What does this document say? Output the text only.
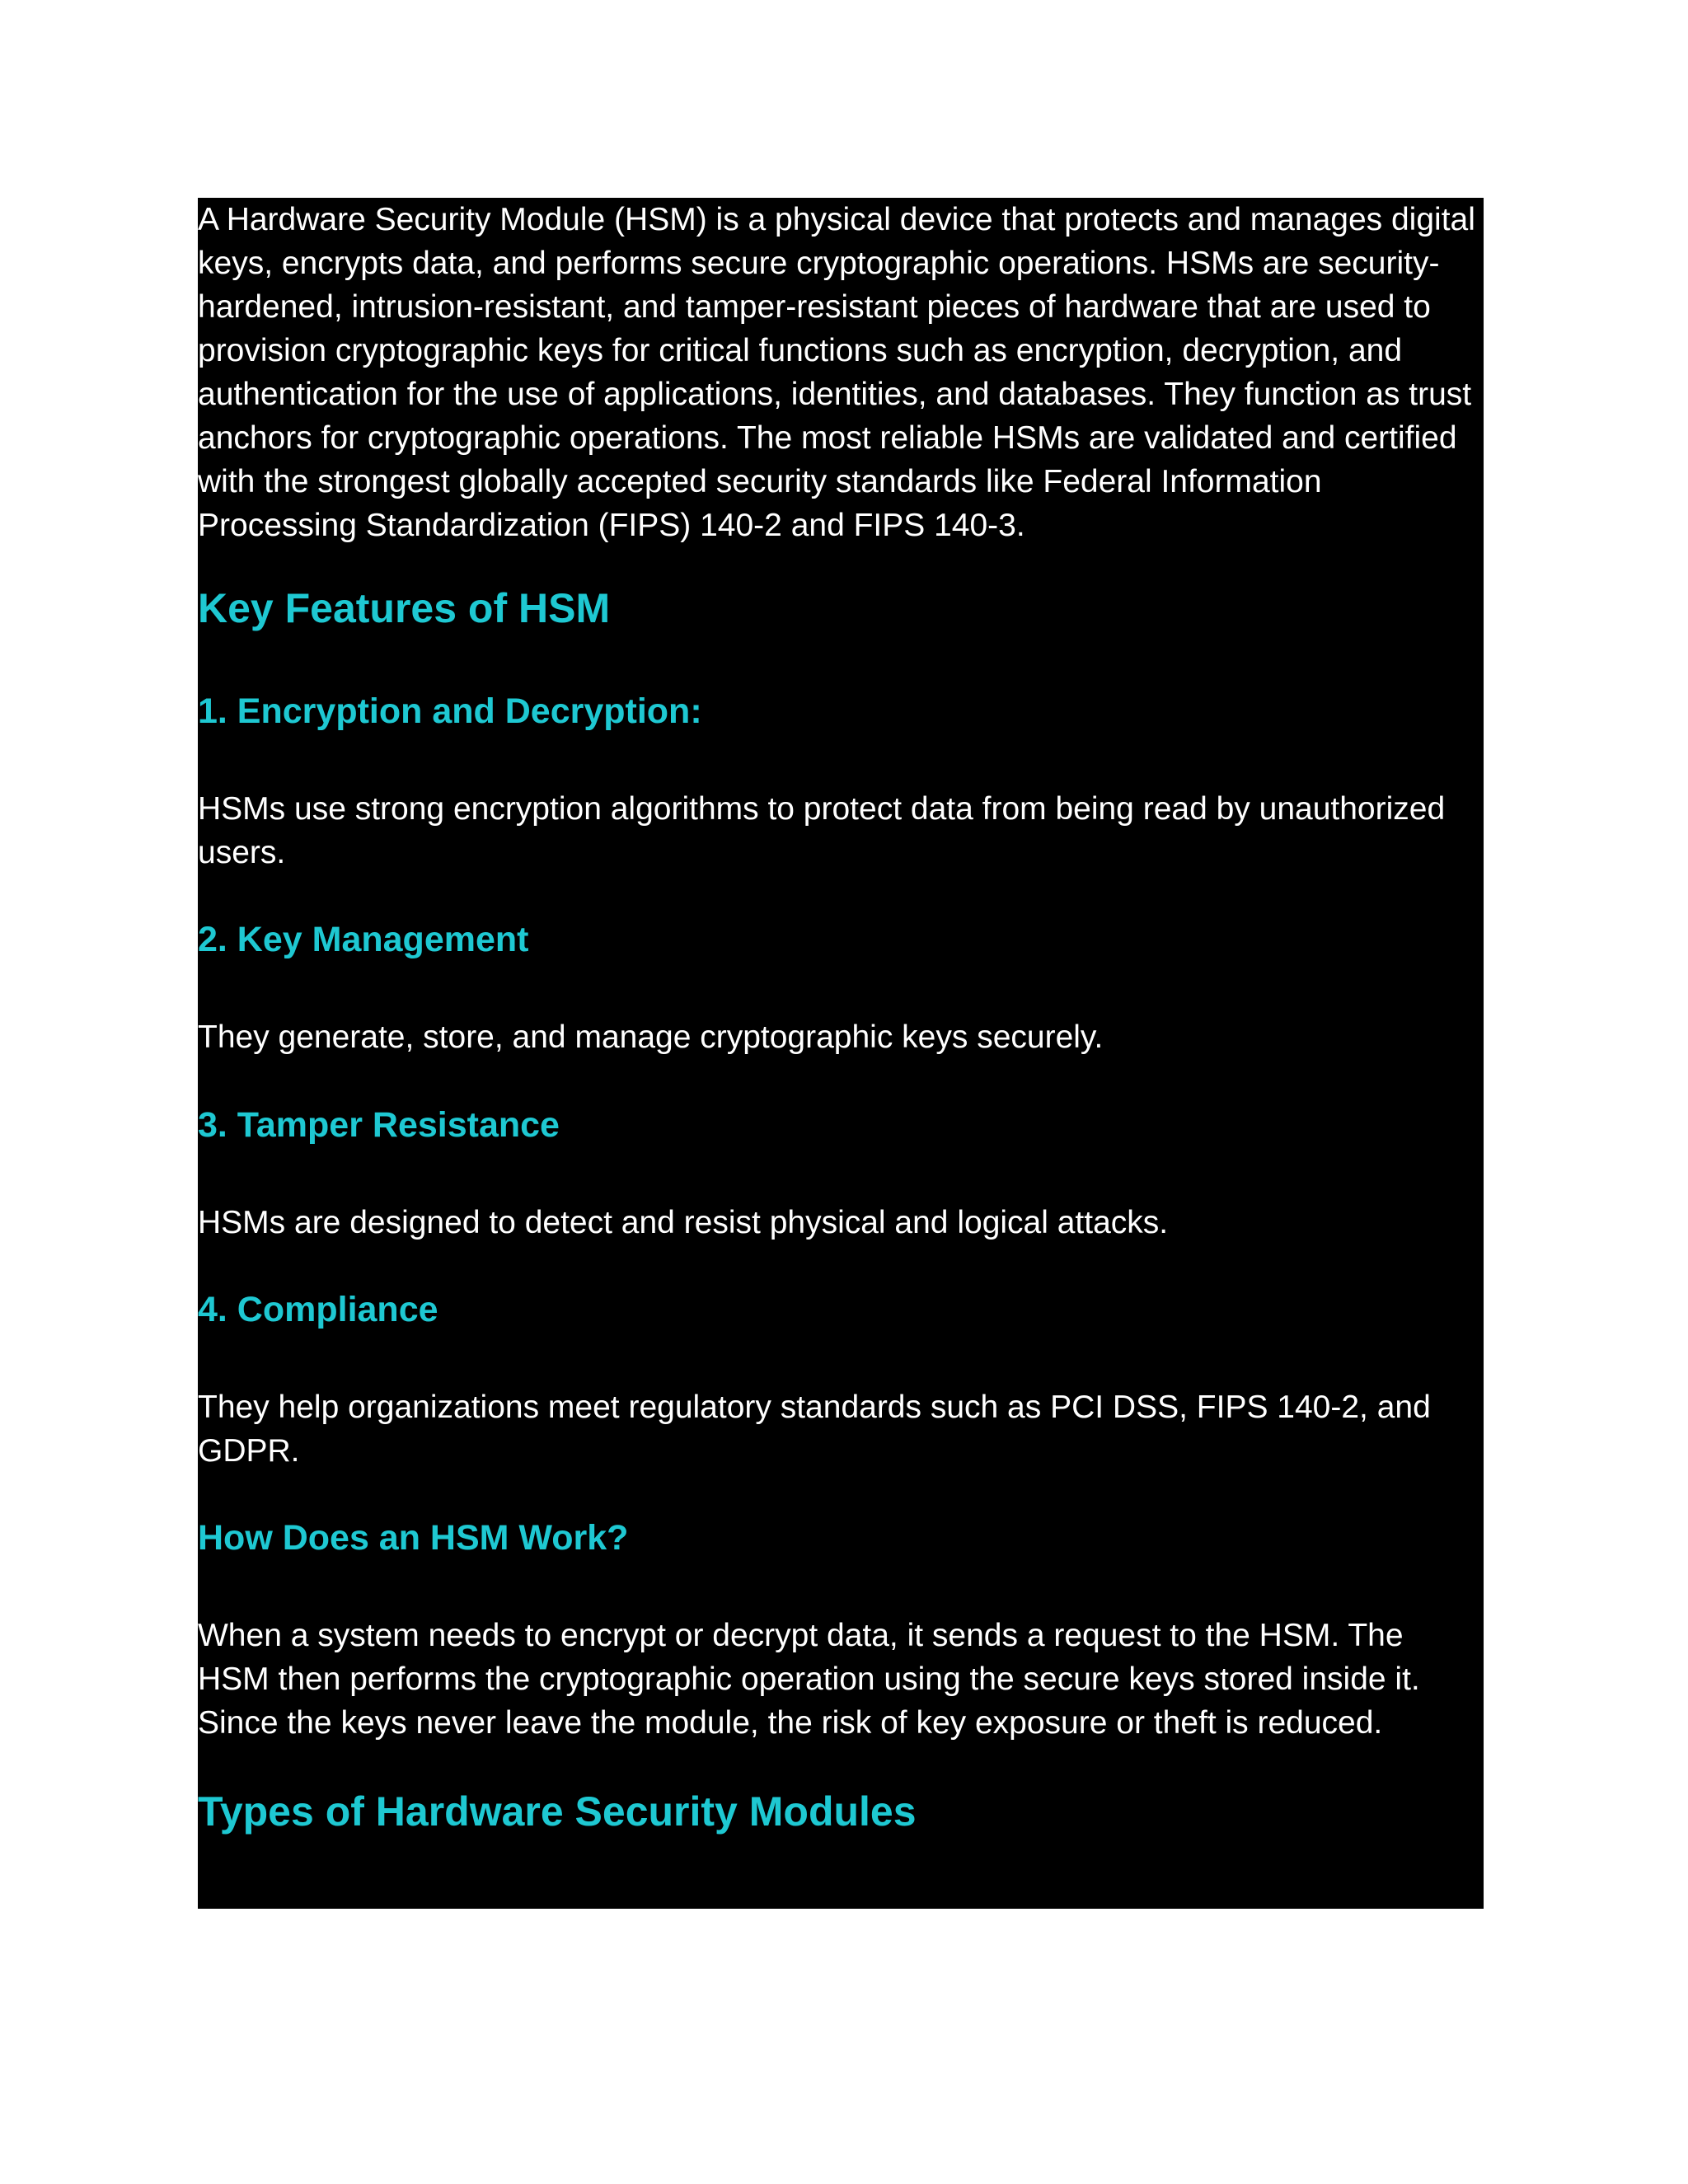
A Hardware Security Module (HSM) is a physical device that protects and manages digital keys, encrypts data, and performs secure cryptographic operations. HSMs are security-hardened, intrusion-resistant, and tamper-resistant pieces of hardware that are used to provision cryptographic keys for critical functions such as encryption, decryption, and authentication for the use of applications, identities, and databases. They function as trust anchors for cryptographic operations. The most reliable HSMs are validated and certified with the strongest globally accepted security standards like Federal Information Processing Standardization (FIPS) 140-2 and FIPS 140-3.

Key Features of HSM
1. Encryption and Decryption:

HSMs use strong encryption algorithms to protect data from being read by unauthorized users.

2. Key Management

They generate, store, and manage cryptographic keys securely.

3. Tamper Resistance

HSMs are designed to detect and resist physical and logical attacks.

4. Compliance

They help organizations meet regulatory standards such as PCI DSS, FIPS 140-2, and GDPR.

How Does an HSM Work?

When a system needs to encrypt or decrypt data, it sends a request to the HSM. The HSM then performs the cryptographic operation using the secure keys stored inside it. Since the keys never leave the module, the risk of key exposure or theft is reduced.

Types of Hardware Security Modules
